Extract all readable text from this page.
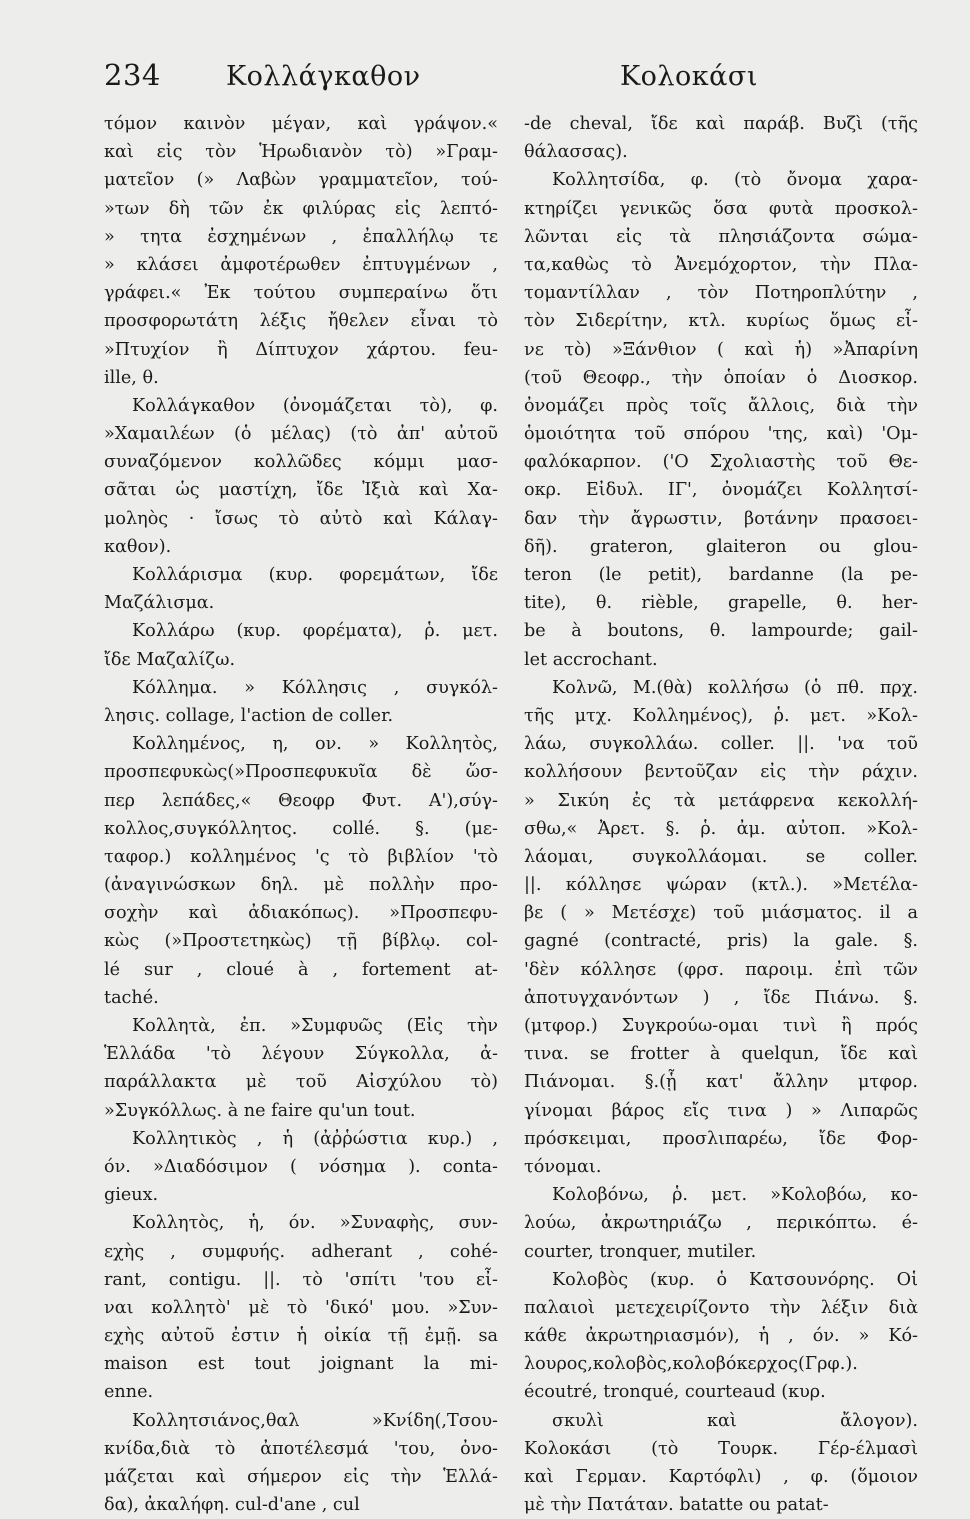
234	Κολλάγκαθον	Κολοκάσι
τόμον καινὸν μέγαν, καὶ γράψον.«
καὶ εἰς τὸν Ἡρωδιανὸν τὸ) »Γραμ-
ματεῖον (» Λαβὼν γραμματεῖον, τού-
»των δὴ τῶν ἐκ φιλύρας εἰς λεπτό-
» τητα ἐσχημένων , ἐπαλλήλῳ τε
» κλάσει ἀμφοτέρωθεν ἐπτυγμένων ,
γράφει.« Ἐκ τούτου συμπεραίνω ὅτι
προσφορωτάτη λέξις ἤθελεν εἶναι τὸ
»Πτυχίον ἢ Δίπτυχον χάρτου. feu-
ille, θ.
Κολλάγκαθον (ὀνομάζεται τὸ), φ.
»Χαμαιλέων (ὁ μέλας) (τὸ ἀπ' αὐτοῦ
συναζόμενον κολλῶδες κόμμι μασ-
σᾶται ὡς μαστίχη, ἴδε Ἰξιὰ καὶ Χα-
μοληὸς · ἴσως τὸ αὐτὸ καὶ Κάλαγ-
καθον).
Κολλάρισμα (κυρ. φορεμάτων, ἴδε
Μαζάλισμα.
Κολλάρω (κυρ. φορέματα), ῥ. μετ.
ἴδε Μαζαλίζω.
Κόλλημα. » Κόλλησις , συγκόλ-
λησις. collage, l'action de coller.
Κολλημένος, η, ον. » Κολλητὸς,
προσπεφυκὼς(»Προσπεφυκυῖα δὲ ὥσ-
περ λεπάδες,« Θεοφρ Φυτ. Α'),σύγ-
κολλος,συγκόλλητος. collé. §. (με-
ταφορ.) κολλημένος 'ς τὸ βιβλίον 'τὸ
(ἀναγινώσκων δηλ. μὲ πολλὴν προ-
σοχὴν καὶ ἀδιακόπως). »Προσπεφυ-
κὼς (»Προστετηκὼς) τῇ βίβλῳ. col-
lé sur , cloué à , fortement at-
taché.
Κολλητὰ, ἐπ. »Συμφυῶς (Εἰς τὴν
Ἑλλάδα 'τὸ λέγουν Σύγκολλα, ἀ-
παράλλακτα μὲ τοῦ Αἰσχύλου τὸ)
»Συγκόλλως. à ne faire qu'un tout.
Κολλητικὸς , ἡ (ἀῤῥώστια κυρ.) ,
όν. »Διαδόσιμον ( νόσημα ). conta-
gieux.
Κολλητὸς, ἡ, όν. »Συναφὴς, συν-
εχὴς , συμφυής. adherant , cohé-
rant, contigu. ||. τὸ 'σπίτι 'του εἶ-
ναι κολλητὸ' μὲ τὸ 'δικό' μου. »Συν-
εχὴς αὐτοῦ ἐστιν ἡ οἰκία τῇ ἐμῇ. sa
maison est tout joignant la mi-
enne.
Κολλητσιάνος,θαλ »Κνίδη(,Τσου-
κνίδα,διὰ τὸ ἀποτέλεσμά 'του, ὀνο-
μάζεται καὶ σήμερον εἰς τὴν Ἑλλά-
δα), ἀκαλήφη. cul-d'ane , cul
-de cheval, ἴδε καὶ παράβ. Βυζὶ (τῆς
θάλασσας).
Κολλητσίδα, φ. (τὸ ὄνομα χαρα-
κτηρίζει γενικῶς ὅσα φυτὰ προσκολ-
λῶνται εἰς τὰ πλησιάζοντα σώμα-
τα,καθὼς τὸ Ἀνεμόχορτον, τὴν Πλα-
τομαντίλλαν , τὸν Ποτηροπλύτην ,
τὸν Σιδερίτην, κτλ. κυρίως ὅμως εἶ-
νε τὸ) »Ξάνθιον ( καὶ ἡ) »Ἀπαρίνη
(τοῦ Θεοφρ., τὴν ὁποίαν ὁ Διοσκορ.
ὀνομάζει πρὸς τοῖς ἄλλοις, διὰ τὴν
ὁμοιότητα τοῦ σπόρου 'της, καὶ) 'Ομ-
φαλόκαρπον. ('Ο Σχολιαστὴς τοῦ Θε-
οκρ. Εἰδυλ. ΙΓ', ὀνομάζει Κολλητσί-
δαν τὴν ἄγρωστιν, βοτάνην πρασοει-
δῆ). grateron, glaiteron ou glou-
teron (le petit), bardanne (la pe-
tite), θ. rièble, grapelle, θ. her-
be à boutons, θ. lampourde; gail-
let accrochant.
Κολνῶ, Μ.(θὰ) κολλήσω (ὁ πθ. πρχ.
τῆς μτχ. Κολλημένος), ῥ. μετ. »Κολ-
λάω, συγκολλάω. coller. ||. 'να τοῦ
κολλήσουν βεντοῦζαν εἰς τὴν ράχιν.
» Σικύη ἐς τὰ μετάφρενα κεκολλή-
σθω,« Ἀρετ. §. ῥ. ἀμ. αὐτοπ. »Κολ-
λάομαι, συγκολλάομαι. se coller.
||. κόλλησε ψώραν (κτλ.). »Μετέλα-
βε ( » Μετέσχε) τοῦ μιάσματος. il a
gagné (contracté, pris) la gale. §.
'δὲν κόλλησε (φρσ. παροιμ. ἐπὶ τῶν
ἀποτυγχανόντων ) , ἴδε Πιάνω. §.
(μτφορ.) Συγκρούω-ομαι τινὶ ἢ πρός
τινα. se frotter à quelqun, ἴδε καὶ
Πιάνομαι. §.(ᾗ κατ' ἄλλην μτφορ.
γίνομαι βάρος εἴς τινα ) » Λιπαρῶς
πρόσκειμαι, προσλιπαρέω, ἴδε Φορ-
τόνομαι.
Κολοβόνω, ῥ. μετ. »Κολοβόω, κο-
λούω, ἀκρωτηριάζω , περικόπτω. é-
courter, tronquer, mutiler.
Κολοβὸς (κυρ. ὁ Κατσουνόρης. Οἱ
παλαιοὶ μετεχειρίζοντο τὴν λέξιν διὰ
κάθε ἀκρωτηριασμόν), ἡ , όν. » Κό-
λουρος,κολοβὸς,κολοβόκερχος(Γρφ.).
écoutré, tronqué, courteaud (κυρ.
σκυλὶ καὶ ἄλογον).
Κολοκάσι (τὸ Τουρκ. Γέρ-έλμασὶ
καὶ Γερμαν. Καρτόφλι) , φ. (ὅμοιον
μὲ τὴν Πατάταν. batatte ou patat-
